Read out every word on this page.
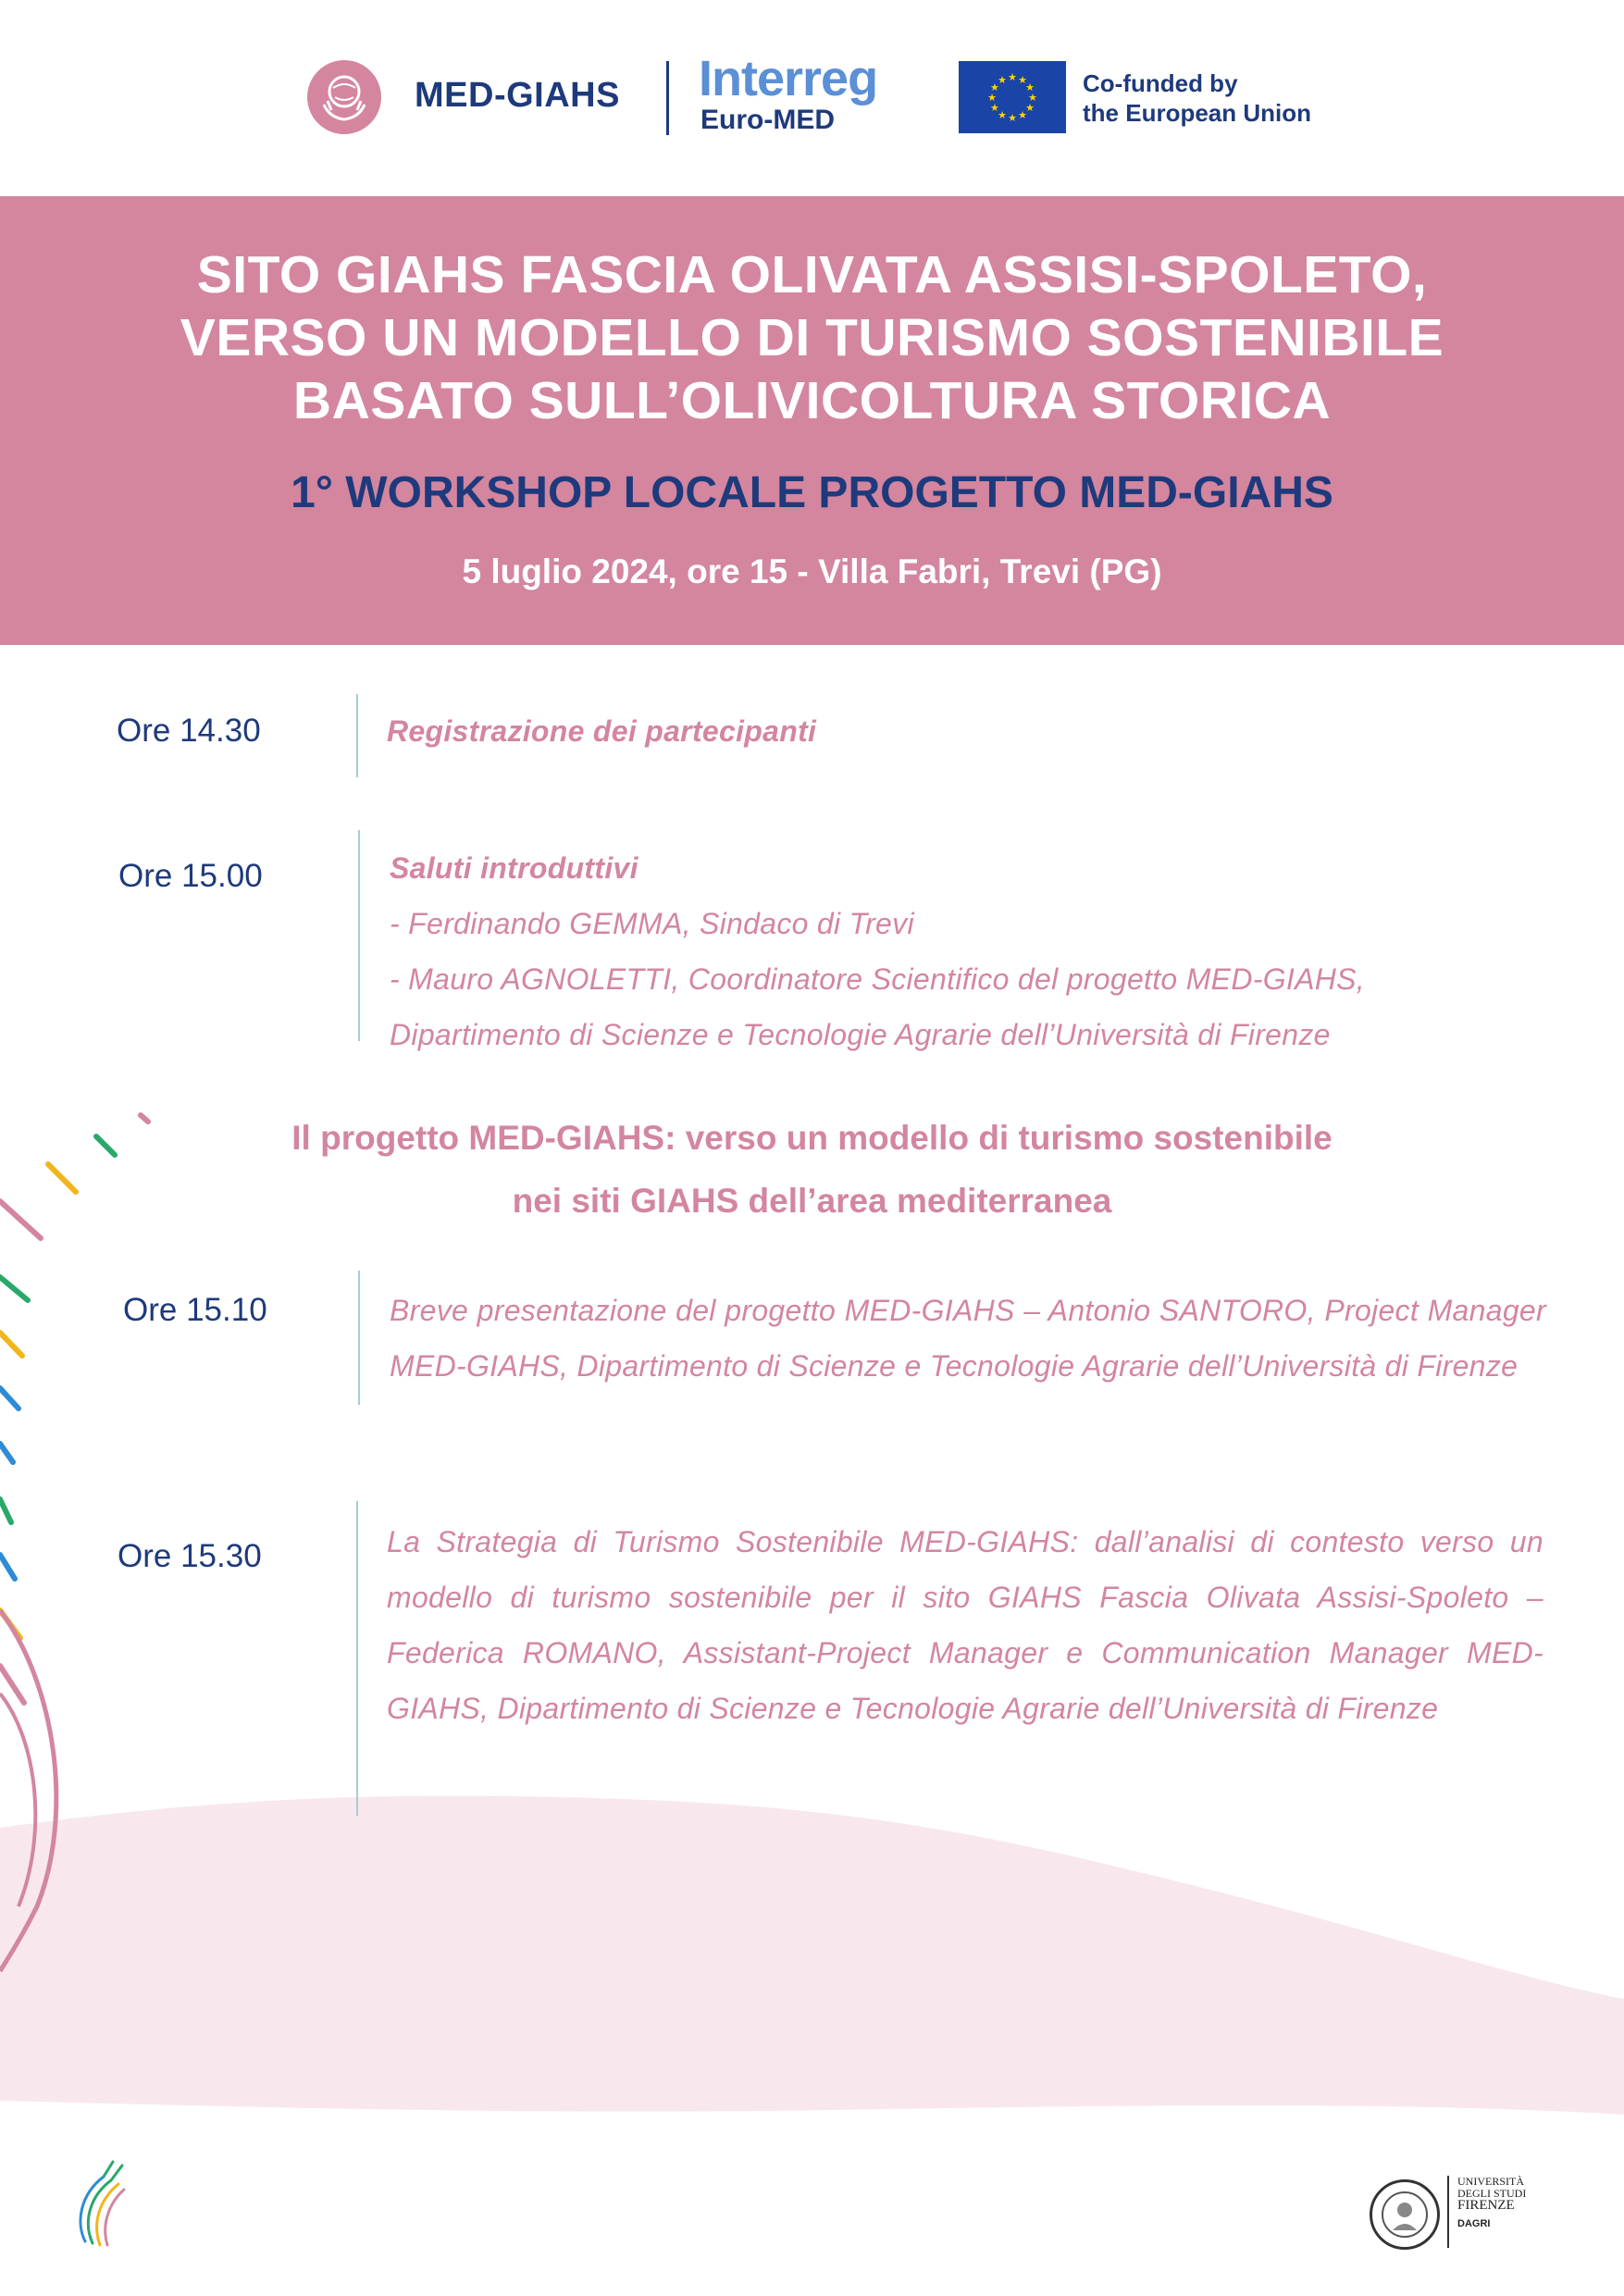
MED-GIAHS Interreg
Euro-MED
★
★
★
★
★
★
★
★
★ ★ ★
★ Co-funded by
the European Union
SITO GIAHS FASCIA OLIVATA ASSISI-SPOLETO,
VERSO UN MODELLO DI TURISMO SOSTENIBILE
BASATO SULL’OLIVICOLTURA STORICA
1° WORKSHOP LOCALE PROGETTO MED-GIAHS
5 luglio 2024, ore 15 - Villa Fabri, Trevi (PG)
Ore 14.30	Registrazione dei partecipanti
Ore 15.00	Saluti introduttivi
- Ferdinando GEMMA, Sindaco di Trevi
- Mauro AGNOLETTI, Coordinatore Scientifico del progetto MED-GIAHS,
Dipartimento di Scienze e Tecnologie Agrarie dell’Università di Firenze
Il progetto MED-GIAHS: verso un modello di turismo sostenibile
nei siti GIAHS dell’area mediterranea
Ore 15.10	Breve presentazione del progetto MED-GIAHS – Antonio SANTORO, Project Manager MED-GIAHS, Dipartimento di Scienze e Tecnologie Agrarie dell’Università di Firenze
Ore 15.30	La Strategia di Turismo Sostenibile MED-GIAHS: dall’analisi di contesto verso un modello di turismo sostenibile per il sito GIAHS Fascia Olivata Assisi-Spoleto – Federica ROMANO, Assistant-Project Manager e Communication Manager MED-GIAHS, Dipartimento di Scienze e Tecnologie Agrarie dell’Università di Firenze
UNIVERSITÀ
DEGLI STUDI
FIRENZE
DAGRI
